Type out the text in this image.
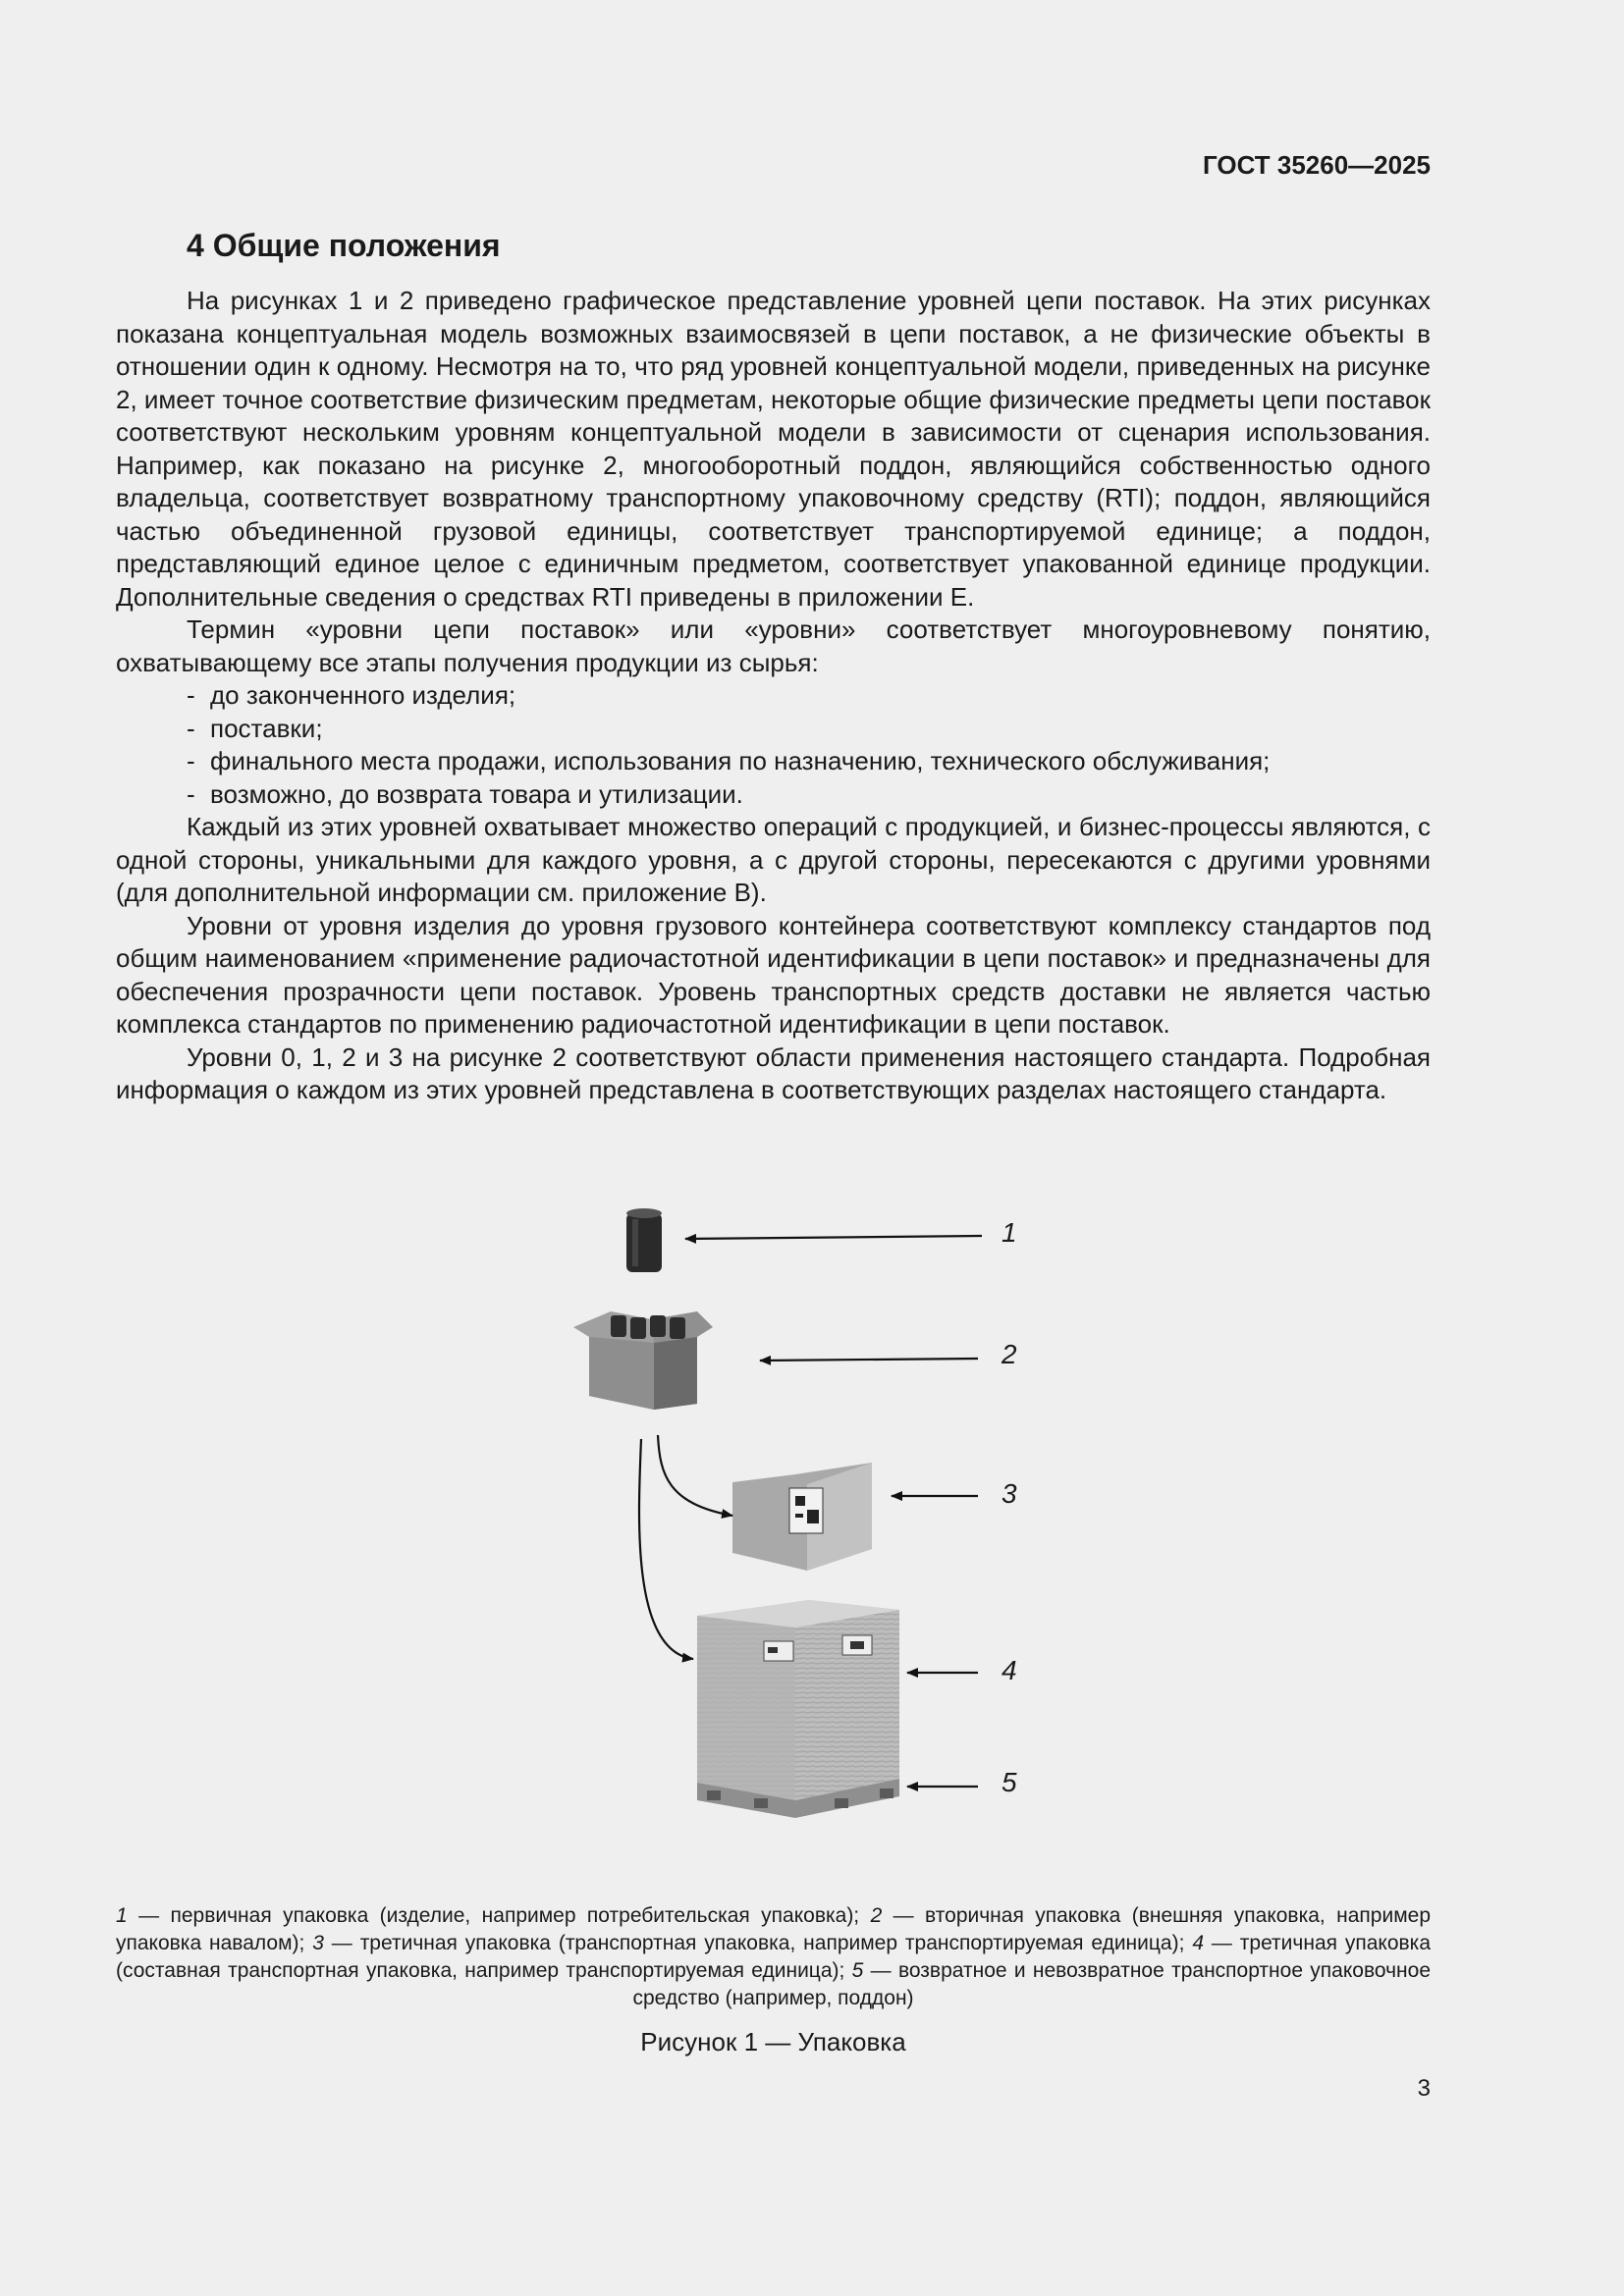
ГОСТ 35260—2025
4 Общие положения

На рисунках 1 и 2 приведено графическое представление уровней цепи поставок. На этих рисунках показана концептуальная модель возможных взаимосвязей в цепи поставок, а не физические объекты в отношении один к одному. Несмотря на то, что ряд уровней концептуальной модели, приведенных на рисунке 2, имеет точное соответствие физическим предметам, некоторые общие физические предметы цепи поставок соответствуют нескольким уровням концептуальной модели в зависимости от сценария использования. Например, как показано на рисунке 2, многооборотный поддон, являющийся собственностью одного владельца, соответствует возвратному транспортному упаковочному средству (RTI); поддон, являющийся частью объединенной грузовой единицы, соответствует транспортируемой единице; а поддон, представляющий единое целое с единичным предметом, соответствует упакованной единице продукции. Дополнительные сведения о средствах RTI приведены в приложении Е.

Термин «уровни цепи поставок» или «уровни» соответствует многоуровневому понятию, охватывающему все этапы получения продукции из сырья:

- до законченного изделия;
- поставки;
- финального места продажи, использования по назначению, технического обслуживания;
- возможно, до возврата товара и утилизации.

Каждый из этих уровней охватывает множество операций с продукцией, и бизнес-процессы являются, с одной стороны, уникальными для каждого уровня, а с другой стороны, пересекаются с другими уровнями (для дополнительной информации см. приложение В).

Уровни от уровня изделия до уровня грузового контейнера соответствуют комплексу стандартов под общим наименованием «применение радиочастотной идентификации в цепи поставок» и предназначены для обеспечения прозрачности цепи поставок. Уровень транспортных средств доставки не является частью комплекса стандартов по применению радиочастотной идентификации в цепи поставок.

Уровни 0, 1, 2 и 3 на рисунке 2 соответствуют области применения настоящего стандарта. Подробная информация о каждом из этих уровней представлена в соответствующих разделах настоящего стандарта.

1
2
3
4
5
1 — первичная упаковка (изделие, например потребительская упаковка); 2 — вторичная упаковка (внешняя упаковка, например упаковка навалом); 3 — третичная упаковка (транспортная упаковка, например транспортируемая единица); 4 — третичная упаковка (составная транспортная упаковка, например транспортируемая единица); 5 — возвратное и невозвратное транспортное упаковочное средство (например, поддон)

Рисунок 1 — Упаковка

3
